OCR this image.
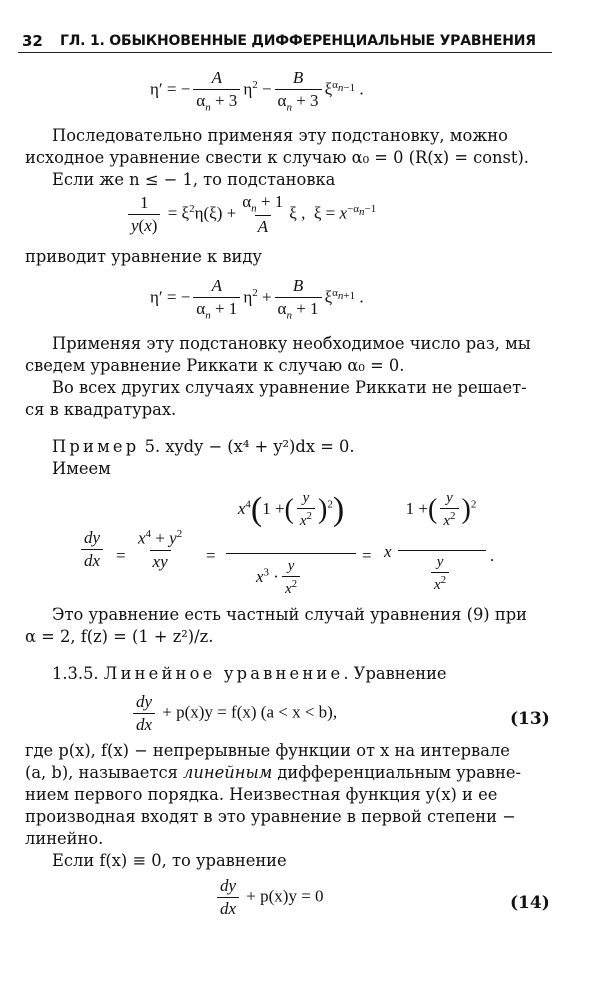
32 ГЛ. 1. ОБЫКНОВЕННЫЕ ДИФФЕРЕНЦИАЛЬНЫЕ УРАВНЕНИЯ
η′ = − $\frac{A}{\alpha_n + 3} \eta^2 - \frac{B}{\alpha_n + 3} \xi^{\alpha_{n-1}}$ .
Последовательно применяя эту подстановку, можно
исходное уравнение свести к случаю α₀ = 0 (R(x) = const).
Если же n ≤ − 1, то подстановка
$\frac{1}{y(x)} = \xi^2\eta(\xi) + \frac{\alpha_n + 1}{A}$ ξ ,  $\xi = x^{-\alpha_n-1}$
приводит уравнение к виду
η′ = − $\frac{A}{\alpha_n + 1} \eta^2 + \frac{B}{\alpha_n + 1} \xi^{\alpha_{n+1}}$ .
Применяя эту подстановку необходимое число раз, мы
сведем уравнение Риккати к случаю α₀ = 0.
Во всех других случаях уравнение Риккати не решает-
ся в квадратурах.
Пример 5. xydy − (x⁴ + y²)dx = 0.
Имеем
$\frac{dy}{dx} = \frac{x^4 + y^2}{xy}$ =
$x^4(1$ +( $\frac{y}{x^2} )^2$)
$x^3 \cdot \frac{y}{x^2}$
= x
1 +( $\frac{y}{x^2} )^2$
$\frac{y}{x^2}$ .
Это уравнение есть частный случай уравнения (9) при
α = 2, f(z) = (1 + z²)/z.
1.3.5. Линейное уравнение. Уравнение
$\frac{dy}{dx} + p(x)y = f(x) (a < x < b)$,	(13)
где p(x), f(x) − непрерывные функции от x на интервале
(a, b), называется линейным дифференциальным уравне-
нием первого порядка. Неизвестная функция y(x) и ее
производная входят в это уравнение в первой степени −
линейно.
Если f(x) ≡ 0, то уравнение
$\frac{dy}{dx} + p(x)y = 0$	(14)
